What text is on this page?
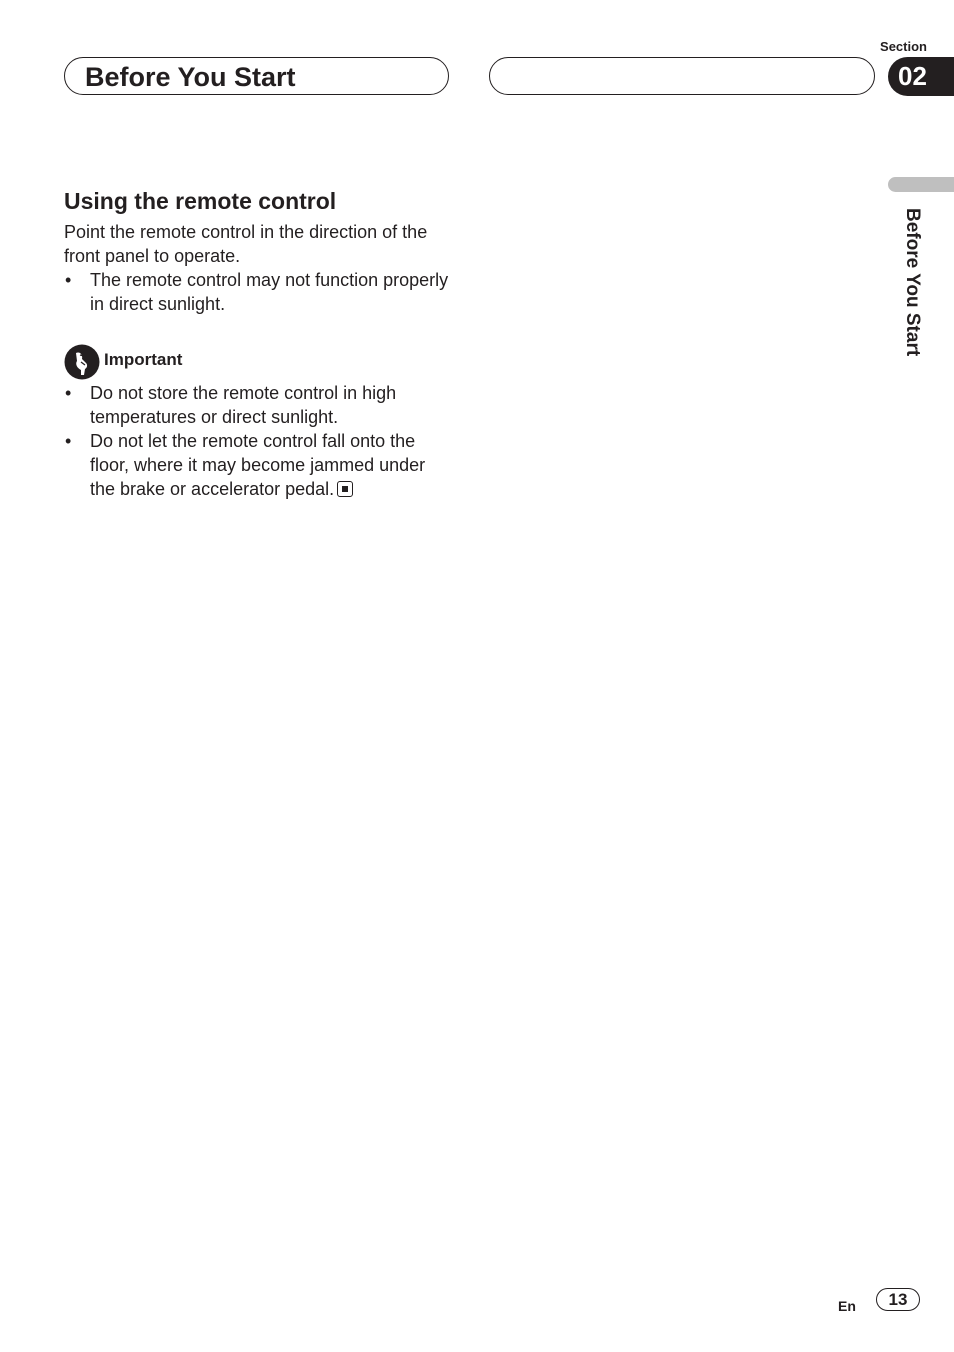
Before You Start
Section
02
Before You Start
Using the remote control

Point the remote control in the direction of the front panel to operate.

• The remote control may not function properly in direct sunlight.
Important
• Do not store the remote control in high temperatures or direct sunlight.
• Do not let the remote control fall onto the floor, where it may become jammed under the brake or accelerator pedal.
En	13
